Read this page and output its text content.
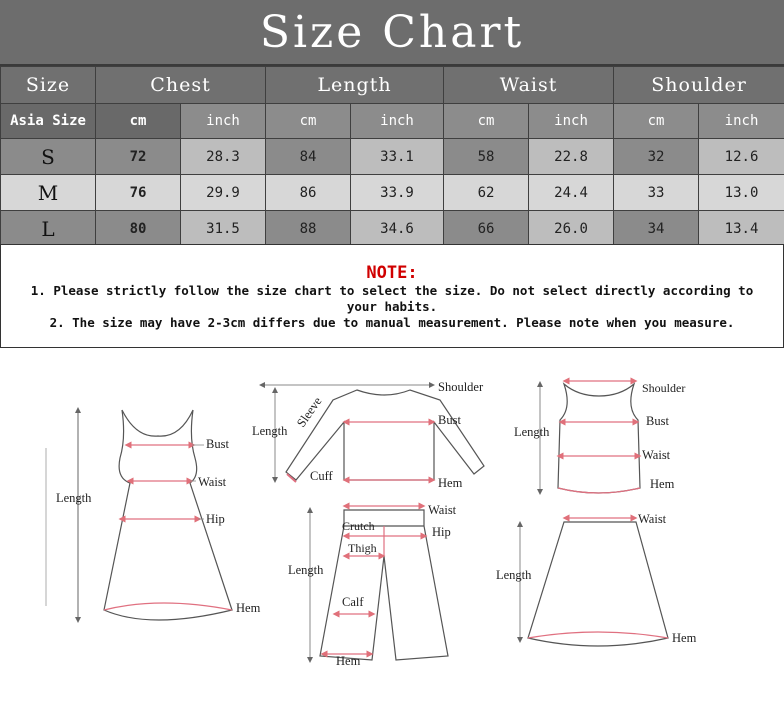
Size Chart
Size	Chest		Length		Waist		Shoulder	
Asia Size	cm	inch	cm	inch	cm	inch	cm	inch
S	72	28.3	84	33.1	58	22.8	32	12.6
M	76	29.9	86	33.9	62	24.4	33	13.0
L	80	31.5	88	34.6	66	26.0	34	13.4
NOTE:
1. Please strictly follow the size chart to select the size. Do not select directly according to
your habits.
2. The size may have 2-3cm differs due to manual measurement. Please note when you measure.
Length
Bust
Waist
Hip
Hem
Shoulder
Sleeve
Length
Bust
Cuff	Hem
Shoulder
Length
Bust
Waist
Hem
Waist
Crutch	Hip
Thigh
Length
Calf
Hem
Waist
Length
Hem
